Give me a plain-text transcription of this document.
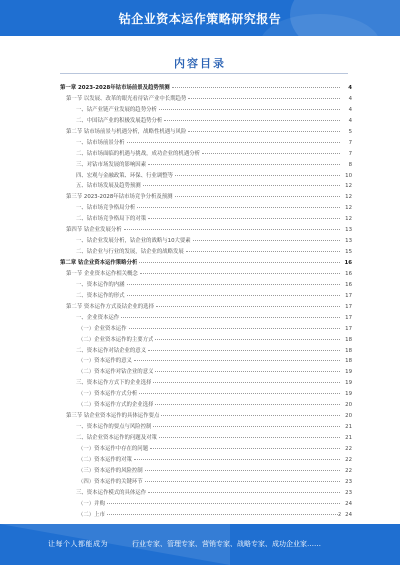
钴企业资本运作策略研究报告
内容目录
第一章 2023-2028年钴市场前景及趋势预测	4
第一节 以发展、改革的眼光看待钴产业中长期趋势	4
一、钴产业链产业发展的趋势分析	4
二、中国钴产业的积极发展趋势分析	4
第二节 钴市场前景与机遇分析，战略性机遇与风险	5
一、钴市场前景分析	7
二、钴市场面临的机遇与挑战，成功企业的机遇分析	7
三、对钴市场发展的影响因素	8
四、宏观与金融政策、环保、行业调整等	10
五、钴市场发展及趋势预测	12
第三节 2023-2028年钴市场竞争分析及预测	12
一、钴市场竞争格局分析	12
二、钴市场竞争格局下的对策	12
第四节 钴企业发展分析	13
一、钴企业发展分析，钴企业的战略与10大要素	13
二、钴企业与行业的发展，钴企业的战略发展	15
第二章 钴企业资本运作策略分析	16
第一节 企业资本运作相关概念	16
一、资本运作的内涵	16
二、资本运作的形式	17
第二节 资本运作方式及钴企业的选择	17
一、企业资本运作	17
（一）企业资本运作	17
（二）企业资本运作的主要方式	18
二、资本运作对钴企业的意义	18
（一）资本运作的意义	18
（二）资本运作对钴企业的意义	19
三、资本运作方式下的企业选择	19
（一）资本运作方式分析	19
（二）资本运作方式的企业选择	20
第三节 钴企业资本运作的具体运作要点	20
一、资本运作的要点与风险控制	21
二、钴企业资本运作的问题及对策	21
（一）资本运作中存在的问题	22
（二）资本运作的对策	22
（三）资本运作的风险控制	22
（四）资本运作的关键环节	23
三、资本运作模式的具体运作	23
（一）并购	24
（二）上市	24
2
让每个人都能成为	行业专家、管理专家、营销专家、战略专家、成功企业家……
